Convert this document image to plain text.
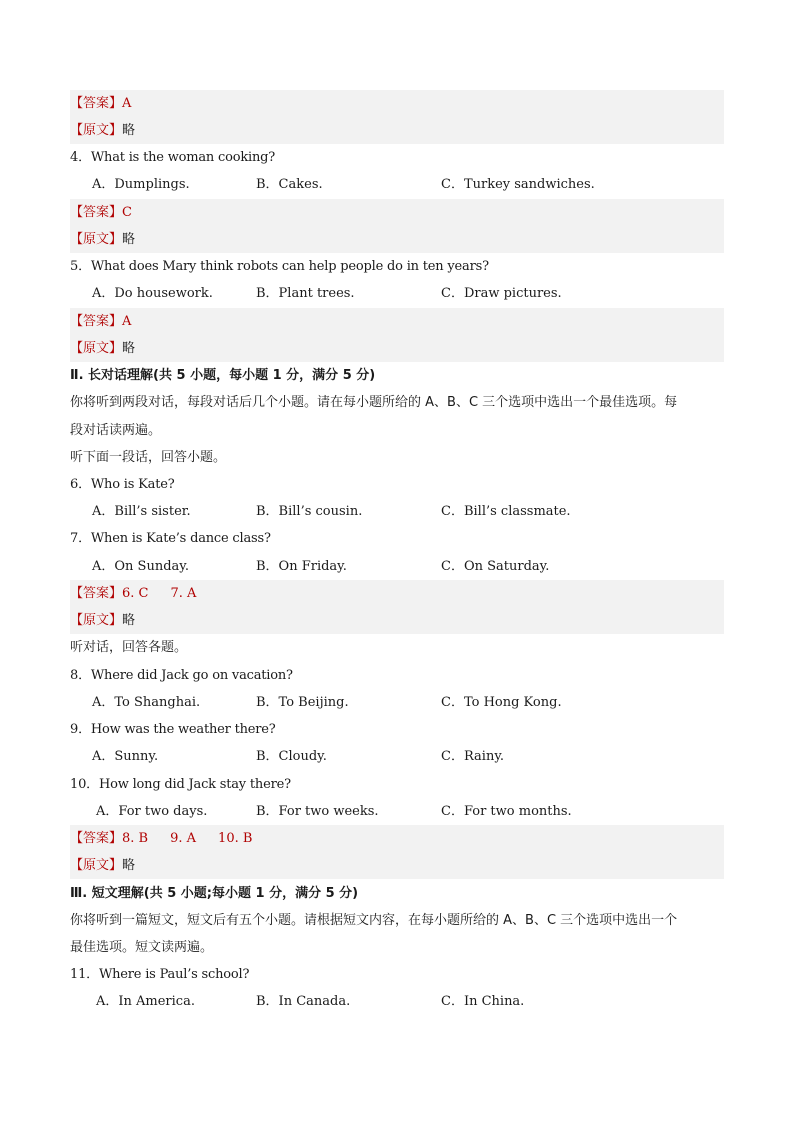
【答案】A
【原文】略
4．What is the woman cooking?
A．Dumplings.	B．Cakes.	C．Turkey sandwiches.
【答案】C
【原文】略
5．What does Mary think robots can help people do in ten years?
A．Do housework.	B．Plant trees.	C．Draw pictures.
【答案】A
【原文】略
Ⅱ. 长对话理解(共 5 小题，每小题 1 分，满分 5 分)
你将听到两段对话，每段对话后几个小题。请在每小题所给的 A、B、C 三个选项中选出一个最佳选项。每
段对话读两遍。
听下面一段话，回答小题。
6．Who is Kate?
A．Bill’s sister.	B．Bill’s cousin.	C．Bill’s classmate.
7．When is Kate’s dance class?
A．On Sunday.	B．On Friday.	C．On Saturday.
【答案】6. C 7. A
【原文】略
听对话，回答各题。
8．Where did Jack go on vacation?
A．To Shanghai.	B．To Beijing.	C．To Hong Kong.
9．How was the weather there?
A．Sunny.	B．Cloudy.	C．Rainy.
10．How long did Jack stay there?
A．For two days.	B．For two weeks.	C．For two months.
【答案】8. B 9. A 10. B
【原文】略
Ⅲ. 短文理解(共 5 小题;每小题 1 分，满分 5 分)
你将听到一篇短文，短文后有五个小题。请根据短文内容，在每小题所给的 A、B、C 三个选项中选出一个
最佳选项。短文读两遍。
11．Where is Paul’s school?
A．In America.	B．In Canada.	C．In China.
